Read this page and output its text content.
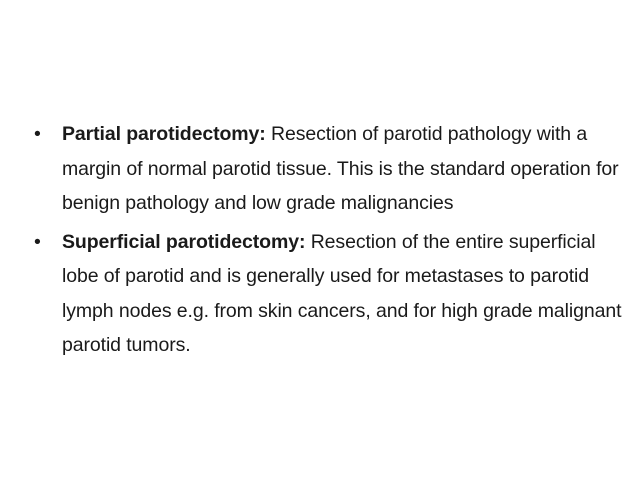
•	Partial parotidectomy: Resection of parotid pathology with a margin of normal parotid tissue. This is the standard operation for benign pathology and low grade malignancies
•	Superficial parotidectomy: Resection of the entire superficial lobe of parotid and is generally used for metastases to parotid lymph nodes e.g. from skin cancers, and for high grade malignant parotid tumors.
